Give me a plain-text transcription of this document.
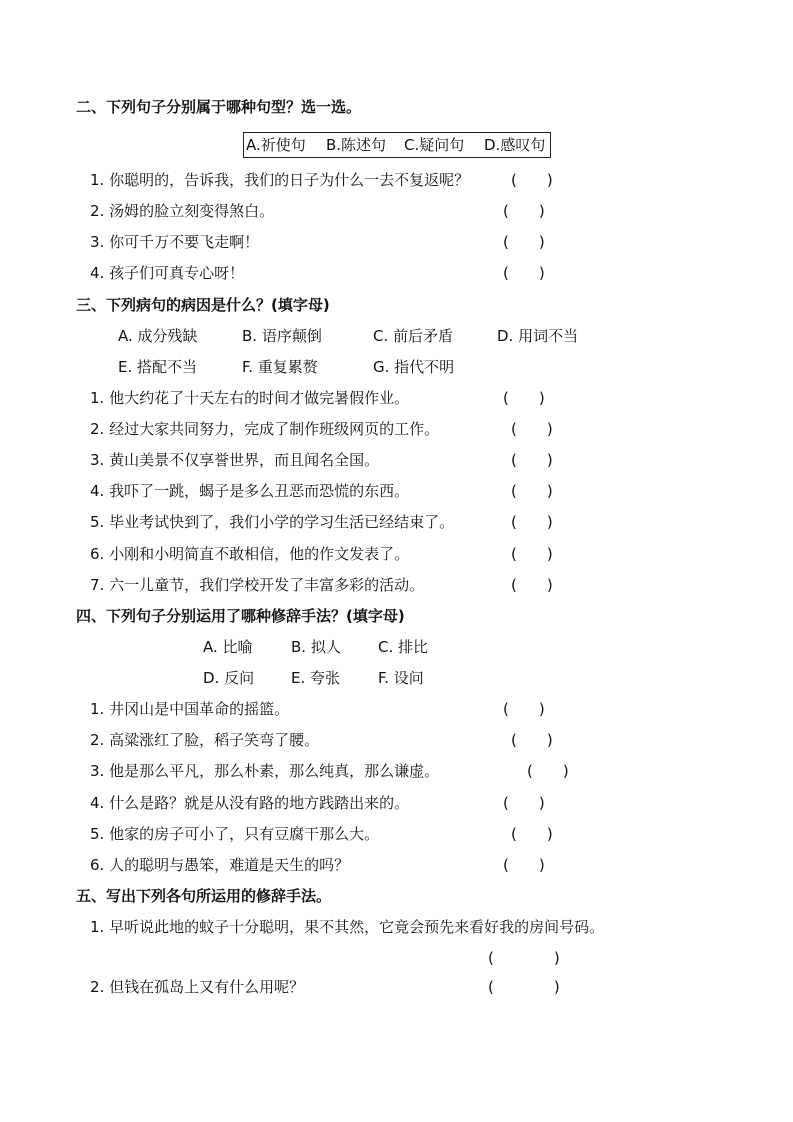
二、下列句子分别属于哪种句型？选一选。
A.祈使句 B.陈述句 C.疑问句 D.感叹句
1. 你聪明的，告诉我，我们的日子为什么一去不复返呢？	(　　)
2. 汤姆的脸立刻变得煞白。	(　　)
3. 你可千万不要飞走啊！	(　　)
4. 孩子们可真专心呀！	(　　)
三、下列病句的病因是什么？(填字母)
A. 成分残缺	B. 语序颠倒	C. 前后矛盾	D. 用词不当
E. 搭配不当	F. 重复累赘	G. 指代不明
1. 他大约花了十天左右的时间才做完暑假作业。	(　　)
2. 经过大家共同努力，完成了制作班级网页的工作。	(　　)
3. 黄山美景不仅享誉世界，而且闻名全国。	(　　)
4. 我吓了一跳，蝎子是多么丑恶而恐慌的东西。	(　　)
5. 毕业考试快到了，我们小学的学习生活已经结束了。	(　　)
6. 小刚和小明简直不敢相信，他的作文发表了。	(　　)
7. 六一儿童节，我们学校开发了丰富多彩的活动。	(　　)
四、下列句子分别运用了哪种修辞手法？(填字母)
A. 比喻	B. 拟人 C. 排比
D. 反问 E. 夸张	F. 设问
1. 井冈山是中国革命的摇篮。	(　　)
2. 高粱涨红了脸，稻子笑弯了腰。	(　　)
3. 他是那么平凡，那么朴素，那么纯真，那么谦虚。	(　　)
4. 什么是路？就是从没有路的地方践踏出来的。	(　　)
5. 他家的房子可小了，只有豆腐干那么大。	(　　)
6. 人的聪明与愚笨，难道是天生的吗？	(　　)
五、写出下列各句所运用的修辞手法。
1. 早听说此地的蚊子十分聪明，果不其然，它竟会预先来看好我的房间号码。
(　　　　)
2. 但钱在孤岛上又有什么用呢？	(　　　　)
